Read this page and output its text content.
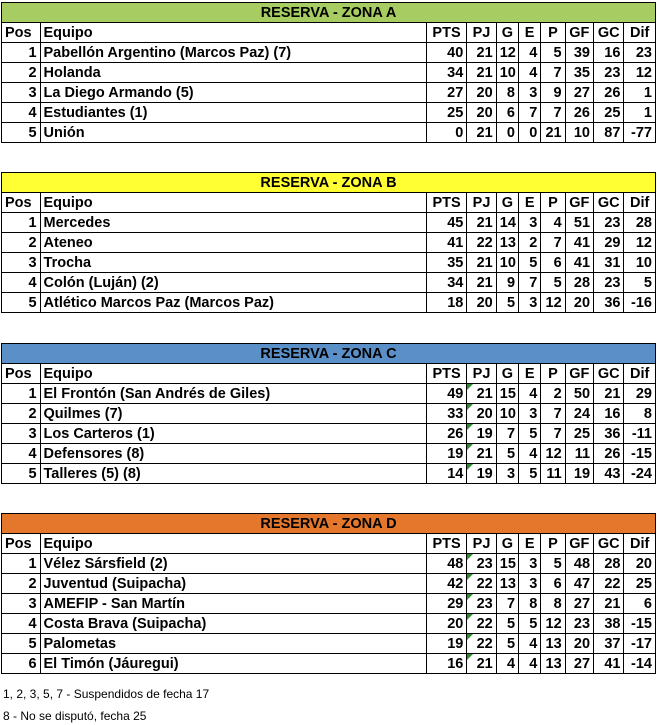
RESERVA - ZONA A									
Pos	Equipo	PTS	PJ	G	E	P	GF	GC	Dif
1	Pabellón Argentino (Marcos Paz) (7)	40	21	12	4	5	39	16	23
2	Holanda	34	21	10	4	7	35	23	12
3	La Diego Armando (5)	27	20	8	3	9	27	26	1
4	Estudiantes (1)	25	20	6	7	7	26	25	1
5	Unión	0	21	0	0	21	10	87	-77
RESERVA - ZONA B									
Pos	Equipo	PTS	PJ	G	E	P	GF	GC	Dif
1	Mercedes	45	21	14	3	4	51	23	28
2	Ateneo	41	22	13	2	7	41	29	12
3	Trocha	35	21	10	5	6	41	31	10
4	Colón (Luján) (2)	34	21	9	7	5	28	23	5
5	Atlético Marcos Paz (Marcos Paz)	18	20	5	3	12	20	36	-16
RESERVA - ZONA C									
Pos	Equipo	PTS	PJ	G	E	P	GF	GC	Dif
1	El Frontón (San Andrés de Giles)	49	21	15	4	2	50	21	29
2	Quilmes (7)	33	20	10	3	7	24	16	8
3	Los Carteros (1)	26	19	7	5	7	25	36	-11
4	Defensores (8)	19	21	5	4	12	11	26	-15
5	Talleres (5) (8)	14	19	3	5	11	19	43	-24
RESERVA - ZONA D									
Pos	Equipo	PTS	PJ	G	E	P	GF	GC	Dif
1	Vélez Sársfield (2)	48	23	15	3	5	48	28	20
2	Juventud (Suipacha)	42	22	13	3	6	47	22	25
3	AMEFIP - San Martín	29	23	7	8	8	27	21	6
4	Costa Brava (Suipacha)	20	22	5	5	12	23	38	-15
5	Palometas	19	22	5	4	13	20	37	-17
6	El Timón (Jáuregui)	16	21	4	4	13	27	41	-14
1, 2, 3, 5, 7 - Suspendidos de fecha 17
8 - No se disputó, fecha 25
